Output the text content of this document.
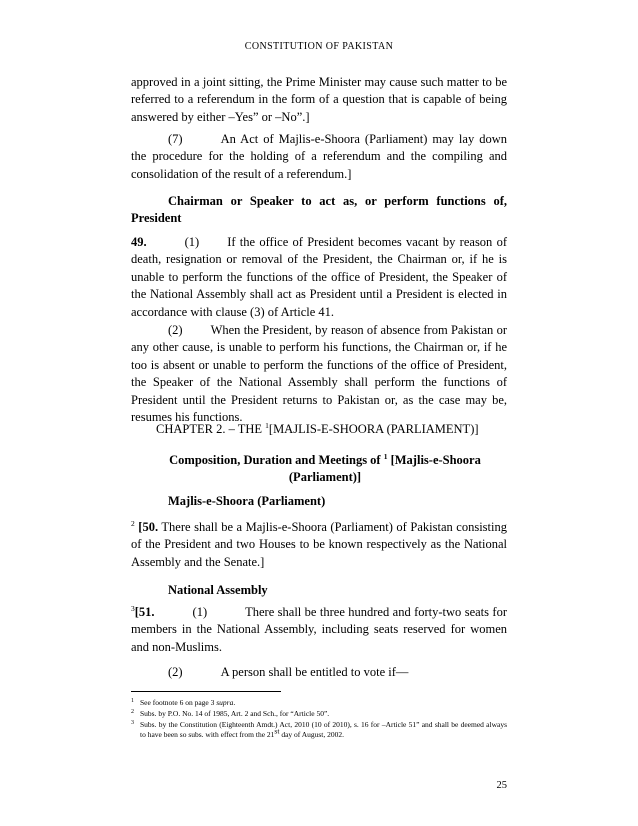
CONSTITUTION OF PAKISTAN

approved in a joint sitting, the Prime Minister may cause such matter to be referred to a referendum in the form of a question that is capable of being answered by either –Yes” or –No”.]

(7)	An Act of Majlis-e-Shoora (Parliament) may lay down the procedure for the holding of a referendum and the compiling and consolidation of the result of a referendum.]

Chairman or Speaker to act as, or perform functions of, President

49.	(1) If the office of President becomes vacant by reason of death, resignation or removal of the President, the Chairman or, if he is unable to perform the functions of the office of President, the Speaker of the National Assembly shall act as President until a President is elected in accordance with clause (3) of Article 41.

(2) When the President, by reason of absence from Pakistan or any other cause, is unable to perform his functions, the Chairman or, if he too is absent or unable to perform the functions of the office of President, the Speaker of the National Assembly shall perform the functions of President until the President returns to Pakistan or, as the case may be, resumes his functions.

CHAPTER 2. – THE $^1$[MAJLIS-E-SHOORA (PARLIAMENT)]

Composition, Duration and Meetings of $^1$ [Majlis-e-Shoora (Parliament)]

Majlis-e-Shoora (Parliament)

$^2$ [50. There shall be a Majlis-e-Shoora (Parliament) of Pakistan consisting of the President and two Houses to be known respectively as the National Assembly and the Senate.]

National Assembly

$^3$[51.	(1)	There shall be three hundred and forty-two seats for members in the National Assembly, including seats reserved for women and non-Muslims.

(2)	A person shall be entitled to vote if—

1 See footnote 6 on page 3 supra.
2 Subs. by P.O. No. 14 of 1985, Art. 2 and Sch., for “Article 50”.
3 Subs. by the Constitution (Eighteenth Amdt.) Act, 2010 (10 of 2010), s. 16 for –Article 51” and shall be deemed always to have been so subs. with effect from the 21st day of August, 2002.
25
